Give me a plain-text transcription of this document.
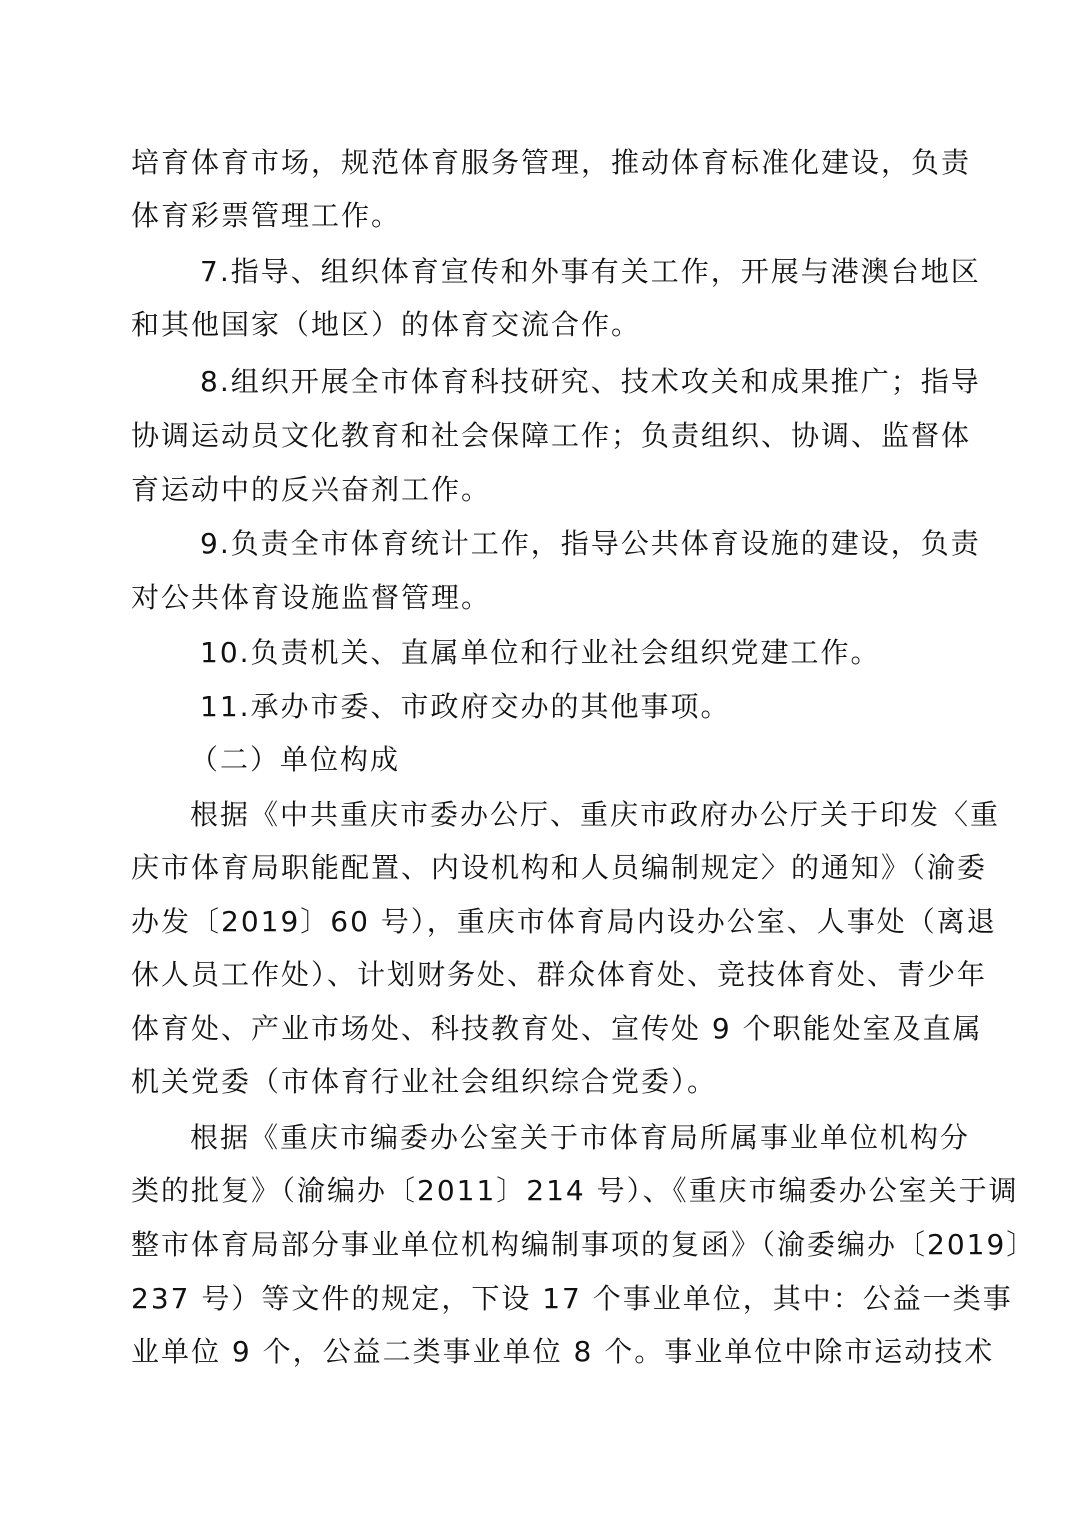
培育体育市场，规范体育服务管理，推动体育标准化建设，负责
体育彩票管理工作。
7.指导、组织体育宣传和外事有关工作，开展与港澳台地区
和其他国家（地区）的体育交流合作。
8.组织开展全市体育科技研究、技术攻关和成果推广；指导
协调运动员文化教育和社会保障工作；负责组织、协调、监督体
育运动中的反兴奋剂工作。
9.负责全市体育统计工作，指导公共体育设施的建设，负责
对公共体育设施监督管理。
10.负责机关、直属单位和行业社会组织党建工作。
11.承办市委、市政府交办的其他事项。
（二）单位构成
根据《中共重庆市委办公厅、重庆市政府办公厅关于印发〈重
庆市体育局职能配置、内设机构和人员编制规定〉的通知》（渝委
办发〔2019〕60 号），重庆市体育局内设办公室、人事处（离退
休人员工作处）、计划财务处、群众体育处、竞技体育处、青少年
体育处、产业市场处、科技教育处、宣传处 9 个职能处室及直属
机关党委（市体育行业社会组织综合党委）。
根据《重庆市编委办公室关于市体育局所属事业单位机构分
类的批复》（渝编办〔2011〕214 号）、《重庆市编委办公室关于调
整市体育局部分事业单位机构编制事项的复函》（渝委编办〔2019〕
237 号）等文件的规定，下设 17 个事业单位，其中：公益一类事
业单位 9 个，公益二类事业单位 8 个。事业单位中除市运动技术
